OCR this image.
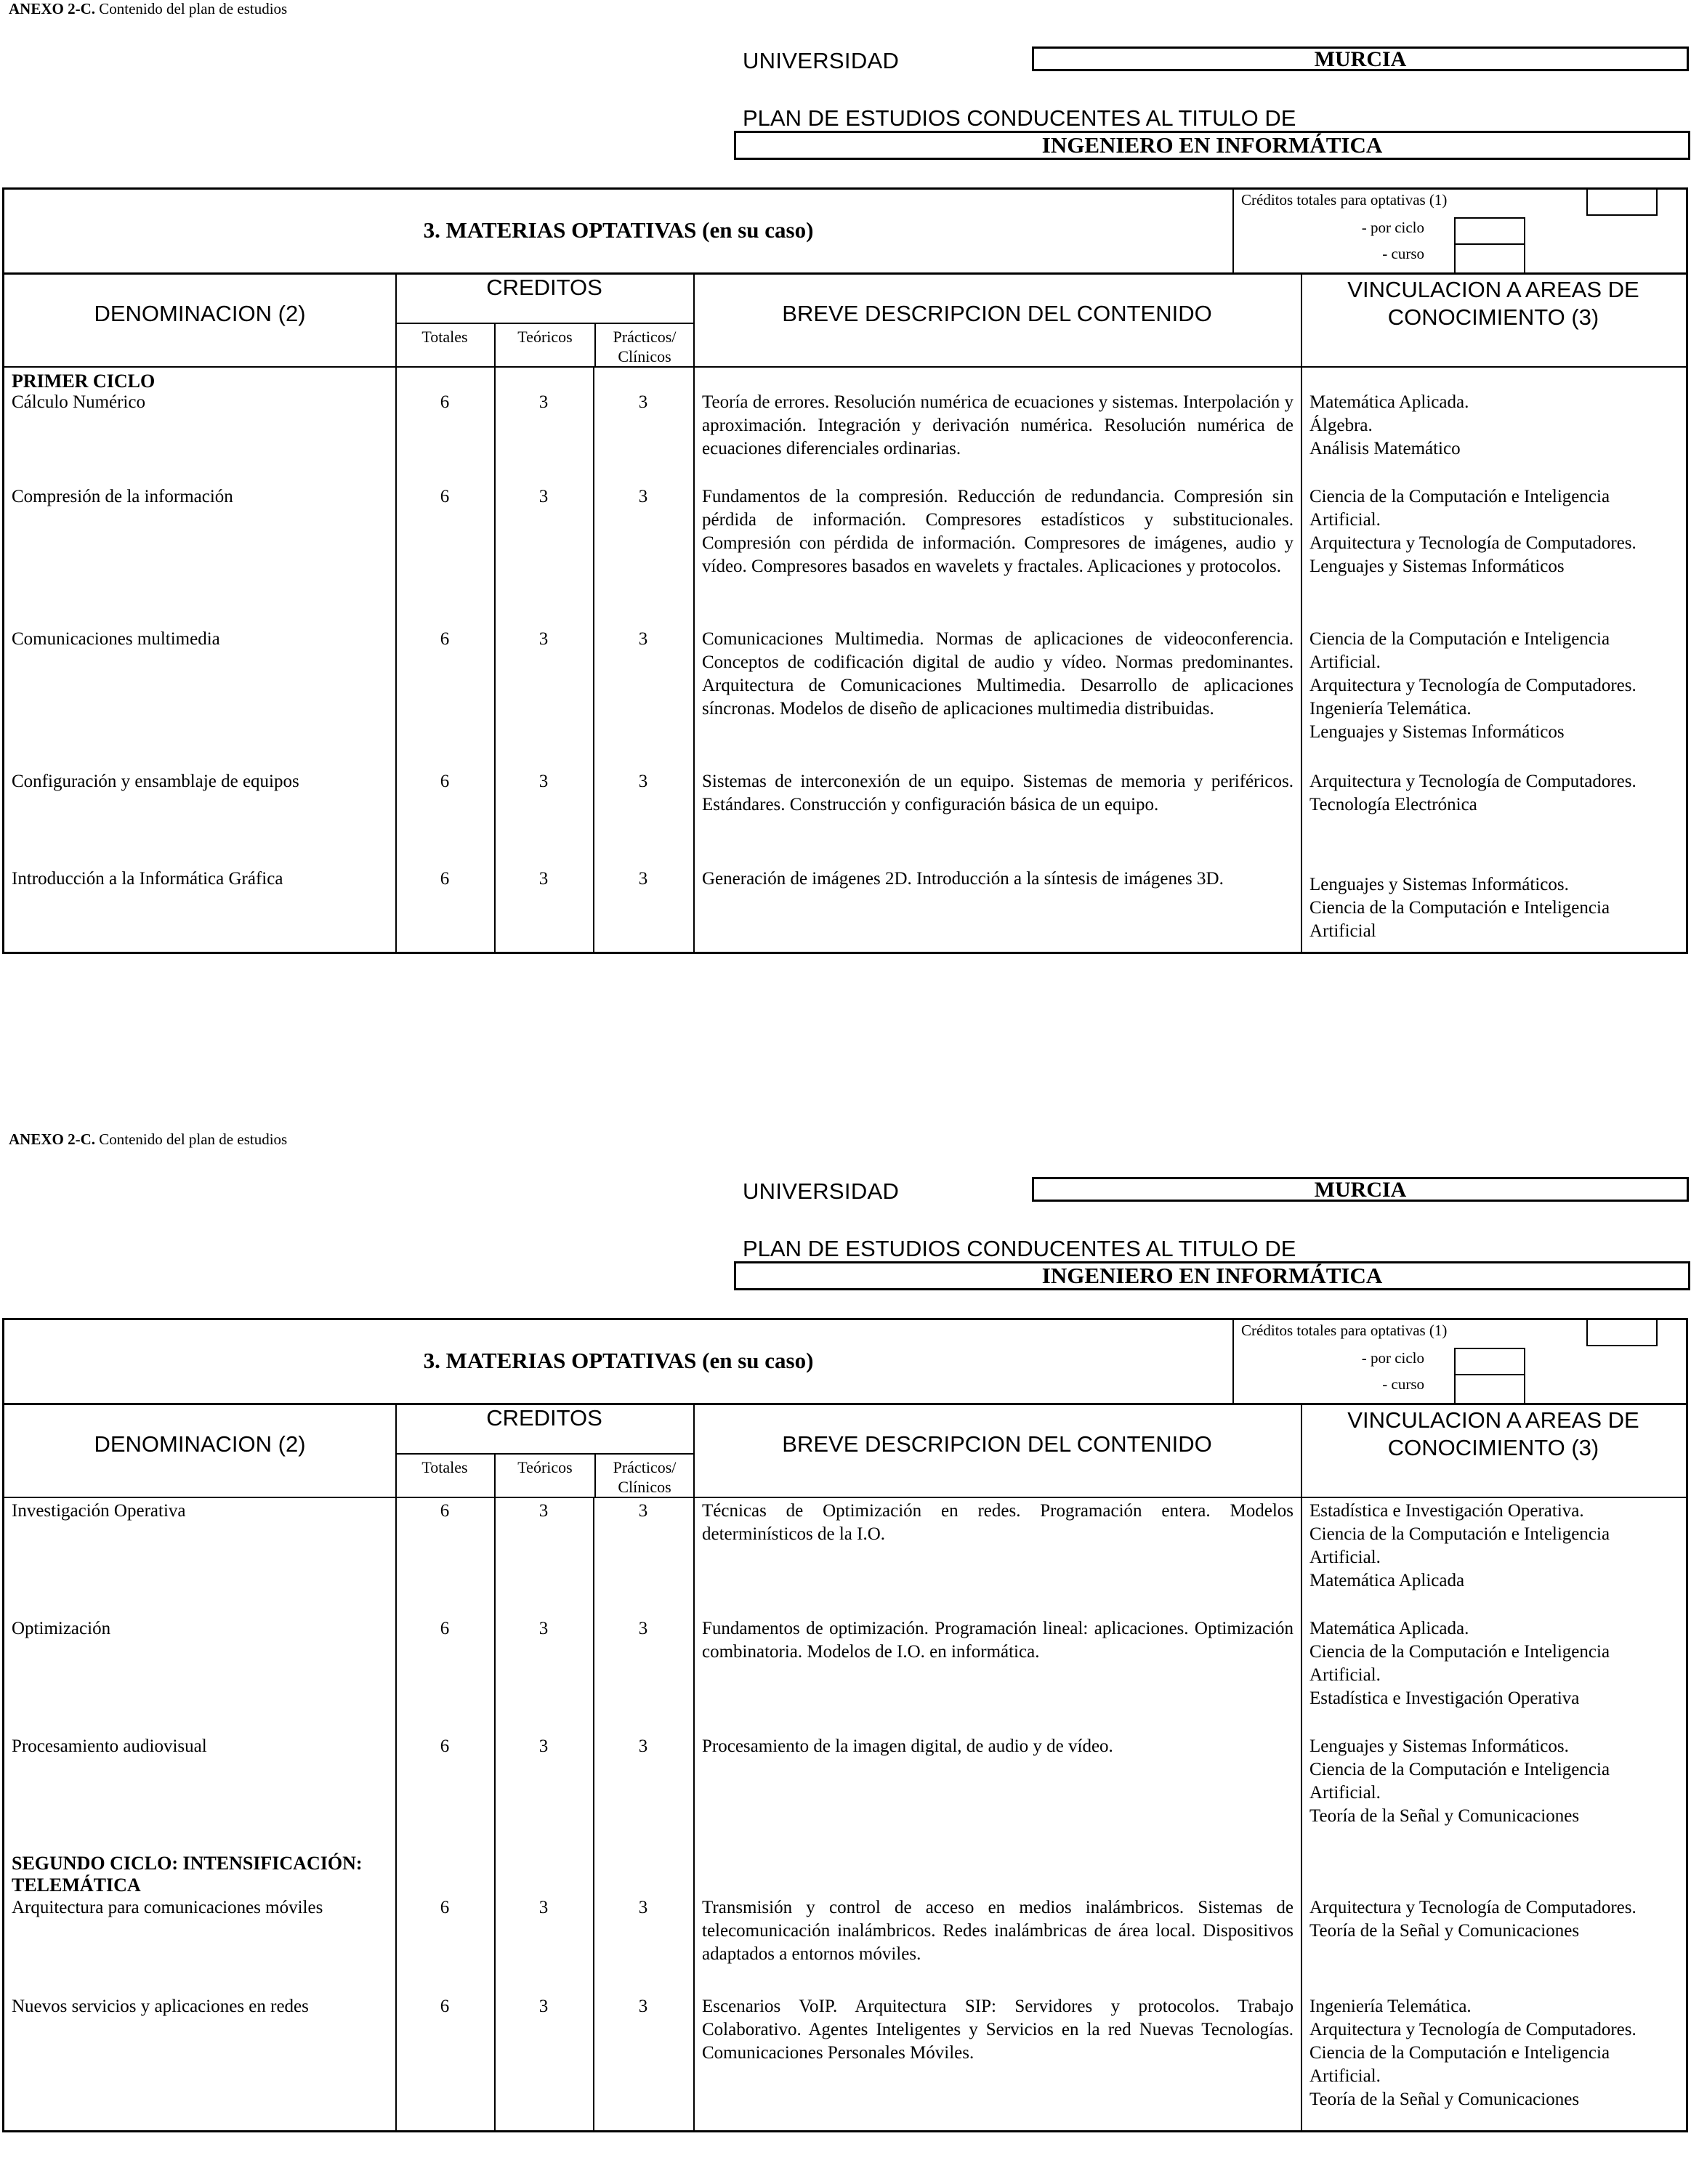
ANEXO 2-C. Contenido del plan de estudios
UNIVERSIDAD	MURCIA
PLAN DE ESTUDIOS CONDUCENTES AL TITULO DE
INGENIERO EN INFORMÁTICA
3. MATERIAS OPTATIVAS (en su caso)
Créditos totales para optativas (1)
- por ciclo
- curso
DENOMINACION (2)
CREDITOS
Totales	Teóricos	Prácticos/
Clínicos
BREVE DESCRIPCION DEL CONTENIDO
VINCULACION A AREAS DE
CONOCIMIENTO (3)
PRIMER CICLO
Cálculo Numérico	6	3	3	Teoría de errores. Resolución numérica de ecuaciones y sistemas. Interpolación y aproximación. Integración y derivación numérica. Resolución numérica de ecuaciones diferenciales ordinarias.
Matemática Aplicada.
Álgebra.
Análisis Matemático
Compresión de la información	6	3	3	Fundamentos de la compresión. Reducción de redundancia. Compresión sin pérdida de información. Compresores estadísticos y substitucionales. Compresión con pérdida de información. Compresores de imágenes, audio y vídeo. Compresores basados en wavelets y fractales. Aplicaciones y protocolos.
Ciencia de la Computación e Inteligencia
Artificial.
Arquitectura y Tecnología de Computadores.
Lenguajes y Sistemas Informáticos
Comunicaciones multimedia	6	3	3	Comunicaciones Multimedia. Normas de aplicaciones de videoconferencia. Conceptos de codificación digital de audio y vídeo. Normas predominantes. Arquitectura de Comunicaciones Multimedia. Desarrollo de aplicaciones síncronas. Modelos de diseño de aplicaciones multimedia distribuidas.
Ciencia de la Computación e Inteligencia
Artificial.
Arquitectura y Tecnología de Computadores.
Ingeniería Telemática.
Lenguajes y Sistemas Informáticos
Configuración y ensamblaje de equipos	6	3	3	Sistemas de interconexión de un equipo. Sistemas de memoria y periféricos. Estándares. Construcción y configuración básica de un equipo.
Arquitectura y Tecnología de Computadores.
Tecnología Electrónica
Introducción a la Informática Gráfica	6	3	3	Generación de imágenes 2D. Introducción a la síntesis de imágenes 3D.	Lenguajes y Sistemas Informáticos.
Ciencia de la Computación e Inteligencia
Artificial
ANEXO 2-C. Contenido del plan de estudios
UNIVERSIDAD	MURCIA
PLAN DE ESTUDIOS CONDUCENTES AL TITULO DE
INGENIERO EN INFORMÁTICA
3. MATERIAS OPTATIVAS (en su caso)
Créditos totales para optativas (1)
- por ciclo
- curso
DENOMINACION (2)
CREDITOS
Totales	Teóricos	Prácticos/
Clínicos
BREVE DESCRIPCION DEL CONTENIDO
VINCULACION A AREAS DE
CONOCIMIENTO (3)
Investigación Operativa	6	3	3	Técnicas de Optimización en redes. Programación entera. Modelos determinísticos de la I.O.
Estadística e Investigación Operativa.
Ciencia de la Computación e Inteligencia
Artificial.
Matemática Aplicada
Optimización	6	3	3	Fundamentos de optimización. Programación lineal: aplicaciones. Optimización combinatoria. Modelos de I.O. en informática.
Matemática Aplicada.
Ciencia de la Computación e Inteligencia
Artificial.
Estadística e Investigación Operativa
Procesamiento audiovisual	6	3	3	Procesamiento de la imagen digital, de audio y de vídeo.	Lenguajes y Sistemas Informáticos.
Ciencia de la Computación e Inteligencia
Artificial.
Teoría de la Señal y Comunicaciones
SEGUNDO CICLO: INTENSIFICACIÓN: TELEMÁTICA
Arquitectura para comunicaciones móviles	6	3	3	Transmisión y control de acceso en medios inalámbricos. Sistemas de telecomunicación inalámbricos. Redes inalámbricas de área local. Dispositivos adaptados a entornos móviles.
Arquitectura y Tecnología de Computadores.
Teoría de la Señal y Comunicaciones
Nuevos servicios y aplicaciones en redes	6	3	3	Escenarios VoIP. Arquitectura SIP: Servidores y protocolos. Trabajo Colaborativo. Agentes Inteligentes y Servicios en la red Nuevas Tecnologías. Comunicaciones Personales Móviles.
Ingeniería Telemática.
Arquitectura y Tecnología de Computadores.
Ciencia de la Computación e Inteligencia
Artificial.
Teoría de la Señal y Comunicaciones
